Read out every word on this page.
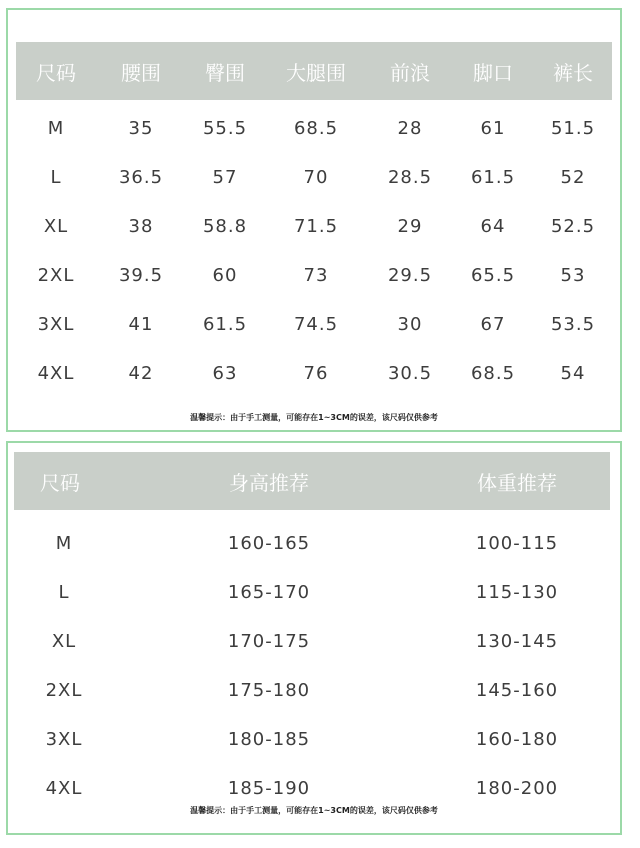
尺码	腰围	臀围	大腿围	前浪	脚口	裤长
M	35	55.5	68.5	28	61	51.5
L	36.5	57	70	28.5	61.5	52
XL	38	58.8	71.5	29	64	52.5
2XL	39.5	60	73	29.5	65.5	53
3XL	41	61.5	74.5	30	67	53.5
4XL	42	63	76	30.5	68.5	54
温馨提示：由于手工测量，可能存在1~3CM的误差，该尺码仅供参考
尺码	身高推荐	体重推荐
M	160-165	100-115
L	165-170	115-130
XL	170-175	130-145
2XL	175-180	145-160
3XL	180-185	160-180
4XL	185-190	180-200
温馨提示：由于手工测量，可能存在1~3CM的误差，该尺码仅供参考
